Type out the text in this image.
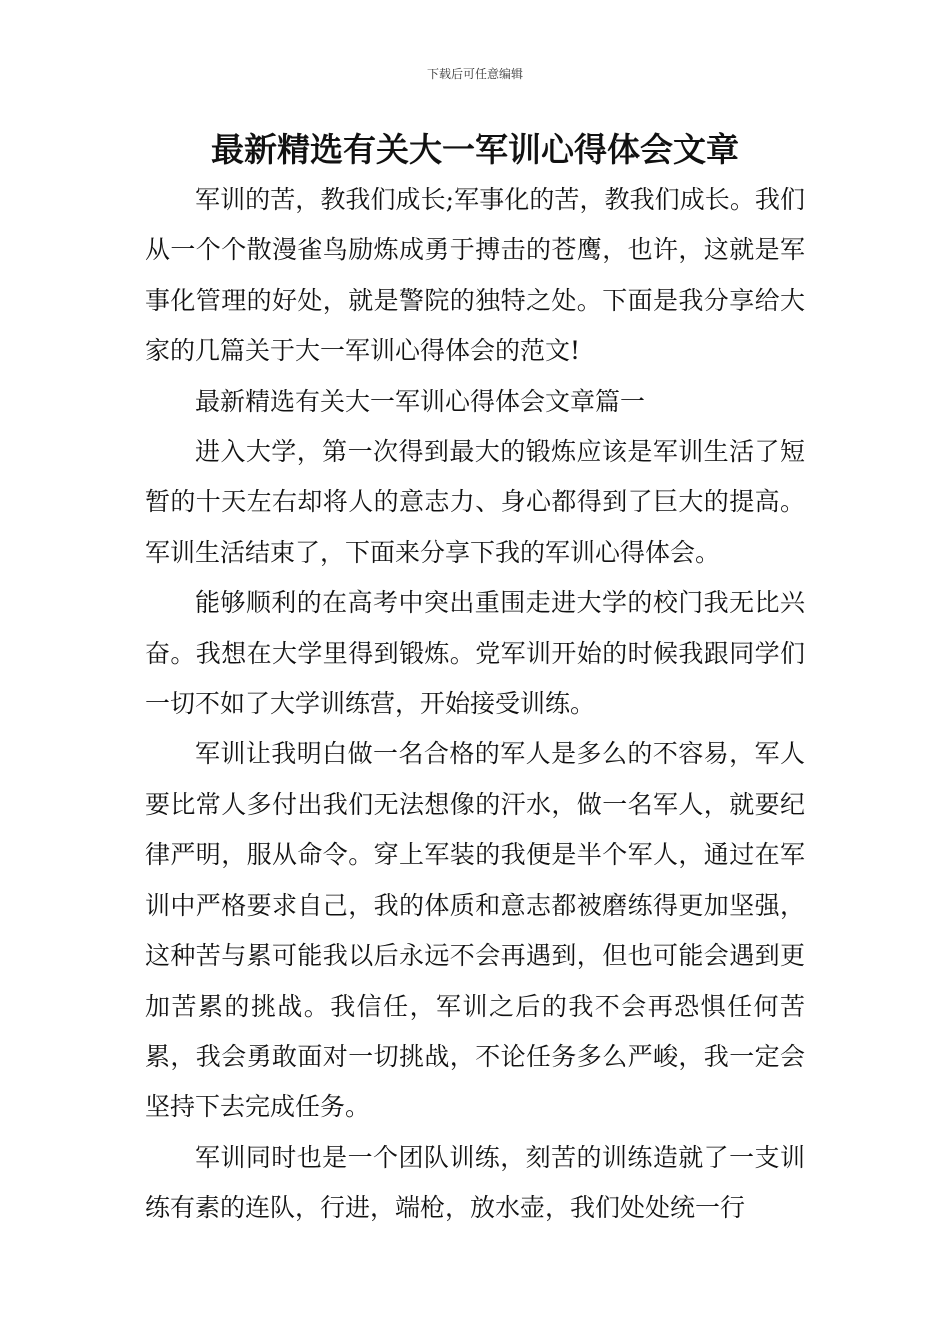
下载后可任意编辑
最新精选有关大一军训心得体会文章

军训的苦，教我们成长;军事化的苦，教我们成长。我们从一个个散漫雀鸟励炼成勇于搏击的苍鹰，也许，这就是军事化管理的好处，就是警院的独特之处。下面是我分享给大家的几篇关于大一军训心得体会的范文!

最新精选有关大一军训心得体会文章篇一

进入大学，第一次得到最大的锻炼应该是军训生活了短暂的十天左右却将人的意志力、身心都得到了巨大的提高。军训生活结束了，下面来分享下我的军训心得体会。

能够顺利的在高考中突出重围走进大学的校门我无比兴奋。我想在大学里得到锻炼。党军训开始的时候我跟同学们一切不如了大学训练营，开始接受训练。

军训让我明白做一名合格的军人是多么的不容易，军人要比常人多付出我们无法想像的汗水，做一名军人，就要纪律严明，服从命令。穿上军装的我便是半个军人，通过在军训中严格要求自己，我的体质和意志都被磨练得更加坚强，这种苦与累可能我以后永远不会再遇到，但也可能会遇到更加苦累的挑战。我信任，军训之后的我不会再恐惧任何苦累，我会勇敢面对一切挑战，不论任务多么严峻，我一定会坚持下去完成任务。

军训同时也是一个团队训练，刻苦的训练造就了一支训练有素的连队，行进，端枪，放水壶，我们处处统一行
